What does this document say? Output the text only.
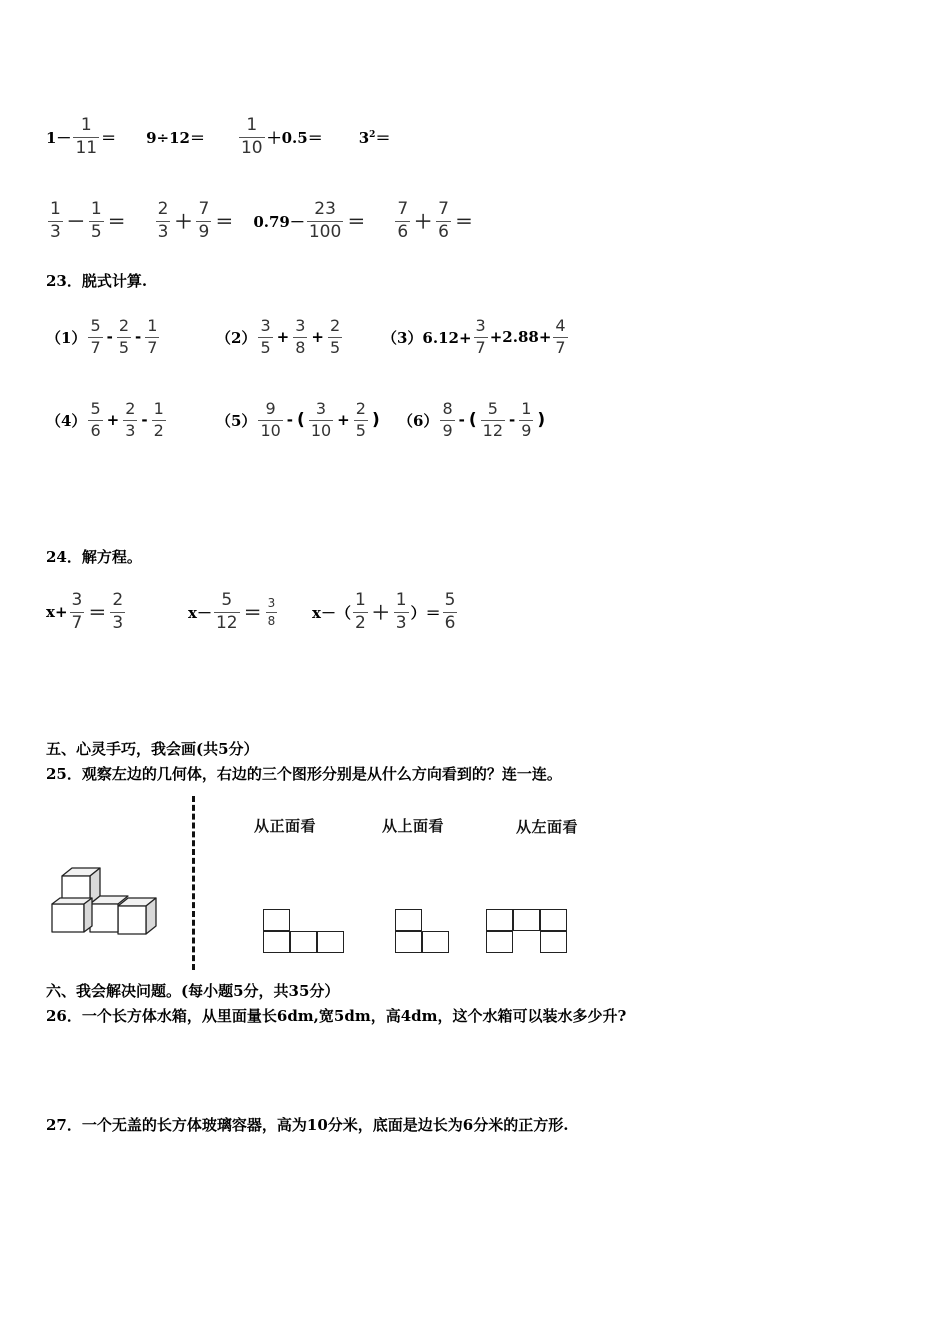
$1- \frac{1}{11} = 9\div 12= \frac{1}{10} +0.5= 3^2=$
$\frac{1}{3} - \frac{1}{5} = \frac{2}{3} + \frac{7}{9} = 0.79- \frac{23}{100} = \frac{7}{6} + \frac{7}{6}$ ＝
23．脱式计算.
$(1) \frac{5}{7} - \frac{2}{5} - \frac{1}{7}$	$(2) \frac{3}{5} + \frac{3}{8} + \frac{2}{5}$	$(3)6.12+ \frac{3}{7} +2.88+ \frac{4}{7}$
$(4) \frac{5}{6} + \frac{2}{3} - \frac{1}{2}$	$(5) \frac{9}{10}$ - ( $\frac{3}{10} + \frac{2}{5}$ ) $(6) \frac{8}{9}$ - ( $\frac{5}{12} - \frac{1}{9}$ )
24．解方程。
$x+ \frac{3}{7} = \frac{2}{3}$	$x- \frac{5}{12} = \frac{3}{8} x-( \frac{1}{2} + \frac{1}{3}$ ）＝ $\frac{5}{6}$
五、心灵手巧，我会画(共5分）
25．观察左边的几何体，右边的三个图形分别是从什么方向看到的？连一连。
从正面看	从上面看	从左面看
六、我会解决问题。(每小题5分，共35分）
26．一个长方体水箱，从里面量长6dm,宽5dm，高4dm，这个水箱可以装水多少升?
27．一个无盖的长方体玻璃容器，高为10分米，底面是边长为6分米的正方形.
